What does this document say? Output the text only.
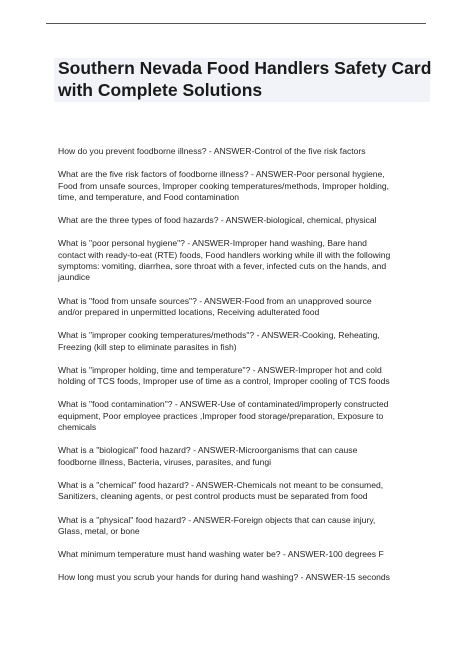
Southern Nevada Food Handlers Safety Card with Complete Solutions

How do you prevent foodborne illness? - ANSWER-Control of the five risk factors

What are the five risk factors of foodborne illness? - ANSWER-Poor personal hygiene,
Food from unsafe sources, Improper cooking temperatures/methods, Improper holding,
time, and temperature, and Food contamination

What are the three types of food hazards? - ANSWER-biological, chemical, physical

What is "poor personal hygiene"? - ANSWER-Improper hand washing, Bare hand
contact with ready-to-eat (RTE) foods, Food handlers working while ill with the following
symptoms: vomiting, diarrhea, sore throat with a fever, infected cuts on the hands, and
jaundice

What is "food from unsafe sources"? - ANSWER-Food from an unapproved source
and/or prepared in unpermitted locations, Receiving adulterated food

What is "improper cooking temperatures/methods"? - ANSWER-Cooking, Reheating,
Freezing (kill step to eliminate parasites in fish)

What is "improper holding, time and temperature"? - ANSWER-Improper hot and cold
holding of TCS foods, Improper use of time as a control, Improper cooling of TCS foods

What is "food contamination"? - ANSWER-Use of contaminated/improperly constructed
equipment, Poor employee practices ,Improper food storage/preparation, Exposure to
chemicals

What is a "biological" food hazard? - ANSWER-Microorganisms that can cause
foodborne illness, Bacteria, viruses, parasites, and fungi

What is a "chemical" food hazard? - ANSWER-Chemicals not meant to be consumed,
Sanitizers, cleaning agents, or pest control products must be separated from food

What is a "physical" food hazard? - ANSWER-Foreign objects that can cause injury,
Glass, metal, or bone

What minimum temperature must hand washing water be? - ANSWER-100 degrees F

How long must you scrub your hands for during hand washing? - ANSWER-15 seconds
